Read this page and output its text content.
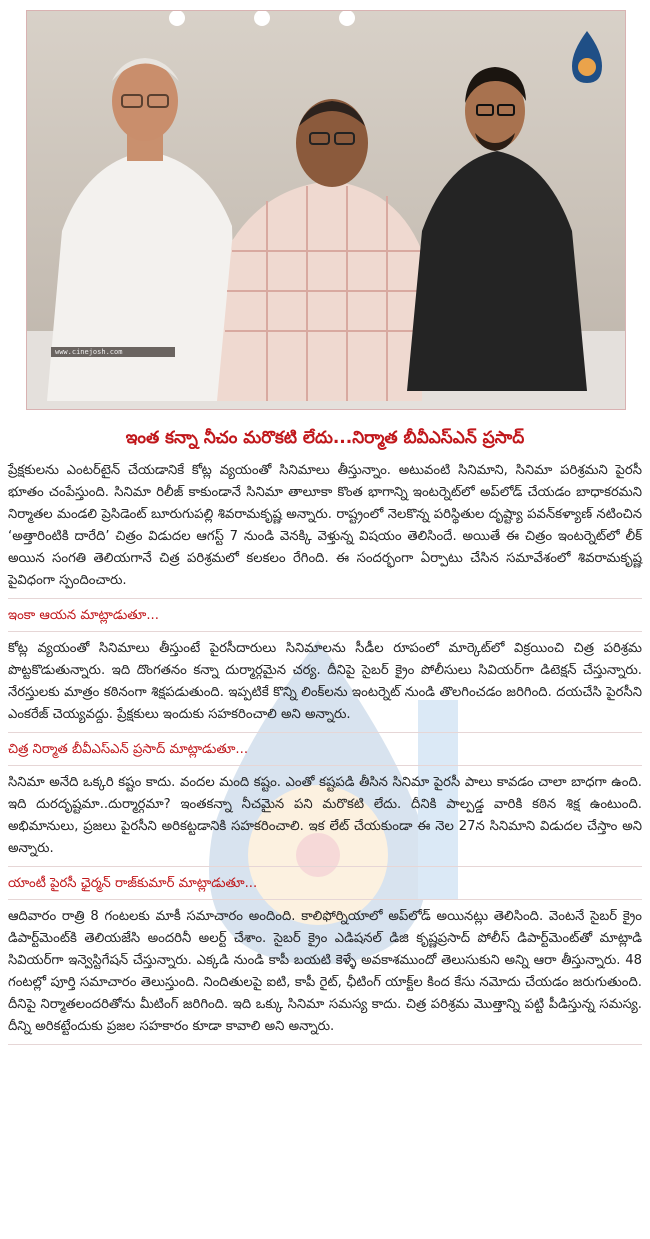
www.cinejosh.com
ఇంత కన్నా నీచం మరొకటి లేదు...నిర్మాత బీవీఎస్ఎన్ ప్రసాద్

ప్రేక్షకులను ఎంటర్‌టైన్ చేయడానికే కోట్ల వ్యయంతో సినిమాలు తీస్తున్నాం. అటువంటి సినిమాని, సినిమా పరిశ్రమని పైరసీ భూతం చంపేస్తుంది. సినిమా రిలీజ్ కాకుండానే సినిమా తాలూకా కొంత భాగాన్ని ఇంటర్నెట్‌లో అప్‌లోడ్ చేయడం బాధాకరమని నిర్మాతల మండలి ప్రెసిడెంట్ బూరుగుపల్లి శివరామకృష్ణ అన్నారు. రాష్ట్రంలో నెలకొన్న పరిస్థితుల దృష్ట్యా పవన్‌కళ్యాణ్ నటించిన ‘అత్తారింటికి దారేది’ చిత్రం విడుదల ఆగస్ట్ 7 నుండి వెనక్కి వెళ్తున్న విషయం తెలిసిందే. అయితే ఈ చిత్రం ఇంటర్నెట్‌లో లీక్ అయిన సంగతి తెలియగానే చిత్ర పరిశ్రమలో కలకలం రేగింది. ఈ సందర్భంగా ఏర్పాటు చేసిన సమావేశంలో శివరామకృష్ణ పైవిధంగా స్పందించారు.

ఇంకా ఆయన మాట్లాడుతూ...

కోట్ల వ్యయంతో సినిమాలు తీస్తుంటే పైరసీదారులు సినిమాలను సీడీల రూపంలో మార్కెట్‌లో విక్రయించి చిత్ర పరిశ్రమ పొట్టకొడుతున్నారు. ఇది దొంగతనం కన్నా దుర్మార్గమైన చర్య. దీనిపై సైబర్ క్రైం పోలీసులు సివియర్‌గా డిటెక్షన్ చేస్తున్నారు. నేరస్తులకు మాత్రం కఠినంగా శిక్షపడుతుంది. ఇప్పటికే కొన్ని లింక్‌లను ఇంటర్నెట్ నుండి తొలగించడం జరిగింది. దయచేసి పైరసీని ఎంకరేజ్ చెయ్యవద్దు. ప్రేక్షకులు ఇందుకు సహకరించాలి అని అన్నారు.

చిత్ర నిర్మాత బీవీఎస్ఎన్ ప్రసాద్ మాట్లాడుతూ...

సినిమా అనేది ఒక్కరి కష్టం కాదు. వందల మంది కష్టం. ఎంతో కష్టపడి తీసిన సినిమా పైరసీ పాలు కావడం చాలా బాధగా ఉంది. ఇది దురదృష్టమా..దుర్మార్గమా? ఇంతకన్నా నీచమైన పని మరొకటి లేదు. దీనికి పాల్పడ్డ వారికి కఠిన శిక్ష ఉంటుంది. అభిమానులు, ప్రజలు పైరసీని అరికట్టడానికి సహకరించాలి. ఇక లేట్ చేయకుండా ఈ నెల 27న సినిమాని విడుదల చేస్తాం అని అన్నారు.

యాంటీ పైరసీ ఛైర్మన్ రాజ్‌కుమార్ మాట్లాడుతూ...

ఆదివారం రాత్రి 8 గంటలకు మాకీ సమాచారం అందింది. కాలిఫోర్నియాలో అప్‌లోడ్ అయినట్లు తెలిసింది. వెంటనే సైబర్ క్రైం డిపార్ట్‌మెంట్‌కి తెలియజేసి అందరినీ అలర్ట్ చేశాం. సైబర్ క్రైం ఎడిషనల్ డిజి కృష్ణప్రసాద్ పోలీస్ డిపార్ట్‌మెంట్‌తో మాట్లాడి సివియర్‌గా ఇన్వెస్టిగేషన్ చేస్తున్నారు. ఎక్కడి నుండి కాపీ బయటి కెళ్ళే అవకాశముందో తెలుసుకుని అన్ని ఆరా తీస్తున్నారు. 48 గంటల్లో పూర్తి సమాచారం తెలుస్తుంది. నిందితులపై ఐటి, కాపీ రైట్, ఛీటింగ్ యాక్ట్‌ల కింద కేసు నమోదు చేయడం జరుగుతుంది. దీనిపై నిర్మాతలందరితోను మీటింగ్ జరిగింది. ఇది ఒక్కు సినిమా సమస్య కాదు. చిత్ర పరిశ్రమ మొత్తాన్ని పట్టి పీడిస్తున్న సమస్య. దీన్ని అరికట్టేందుకు ప్రజల సహకారం కూడా కావాలి అని అన్నారు.
